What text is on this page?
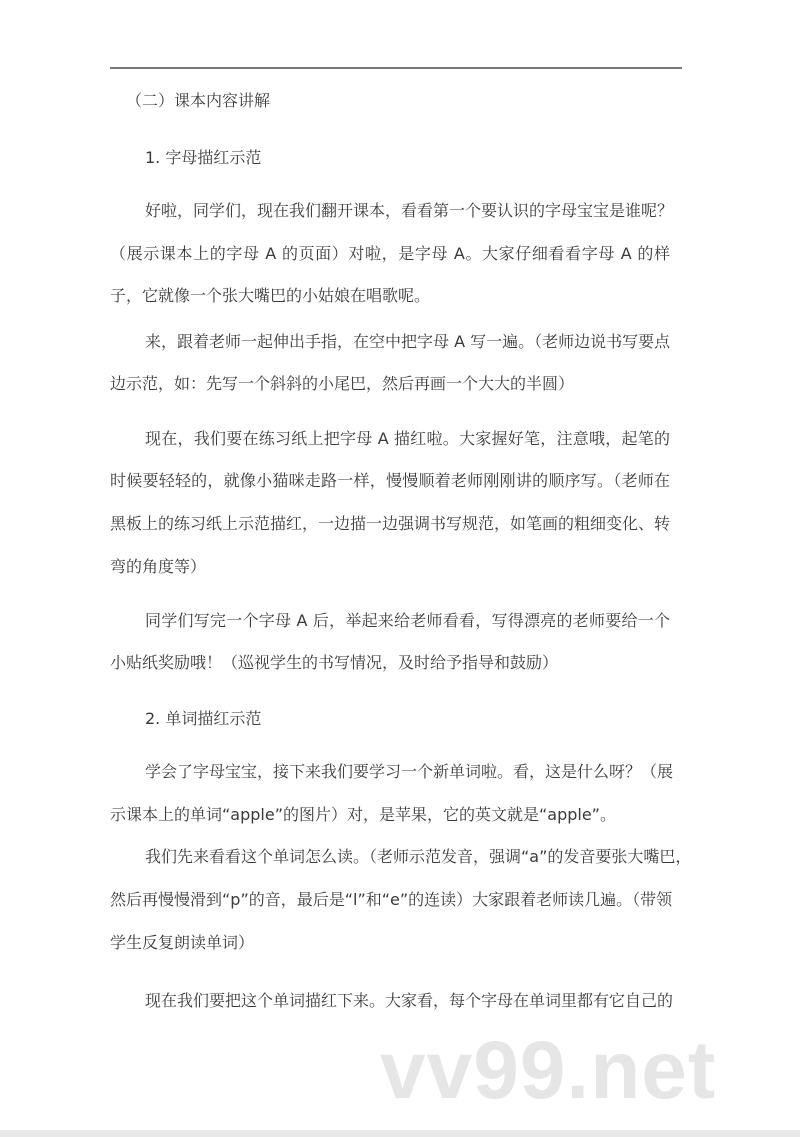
（二）课本内容讲解
1. 字母描红示范
好啦，同学们，现在我们翻开课本，看看第一个要认识的字母宝宝是谁呢？
（展示课本上的字母 A 的页面）对啦，是字母 A。大家仔细看看字母 A 的样
子，它就像一个张大嘴巴的小姑娘在唱歌呢。
来，跟着老师一起伸出手指，在空中把字母 A 写一遍。（老师边说书写要点
边示范，如：先写一个斜斜的小尾巴，然后再画一个大大的半圆）
现在，我们要在练习纸上把字母 A 描红啦。大家握好笔，注意哦，起笔的
时候要轻轻的，就像小猫咪走路一样，慢慢顺着老师刚刚讲的顺序写。（老师在
黑板上的练习纸上示范描红，一边描一边强调书写规范，如笔画的粗细变化、转
弯的角度等）
同学们写完一个字母 A 后，举起来给老师看看，写得漂亮的老师要给一个
小贴纸奖励哦！（巡视学生的书写情况，及时给予指导和鼓励）
2. 单词描红示范
学会了字母宝宝，接下来我们要学习一个新单词啦。看，这是什么呀？（展
示课本上的单词“apple”的图片）对，是苹果，它的英文就是“apple”。
我们先来看看这个单词怎么读。（老师示范发音，强调“a”的发音要张大嘴巴，
然后再慢慢滑到“p”的音，最后是“l”和“e”的连读）大家跟着老师读几遍。（带领
学生反复朗读单词）
现在我们要把这个单词描红下来。大家看，每个字母在单词里都有它自己的
vv99.net
